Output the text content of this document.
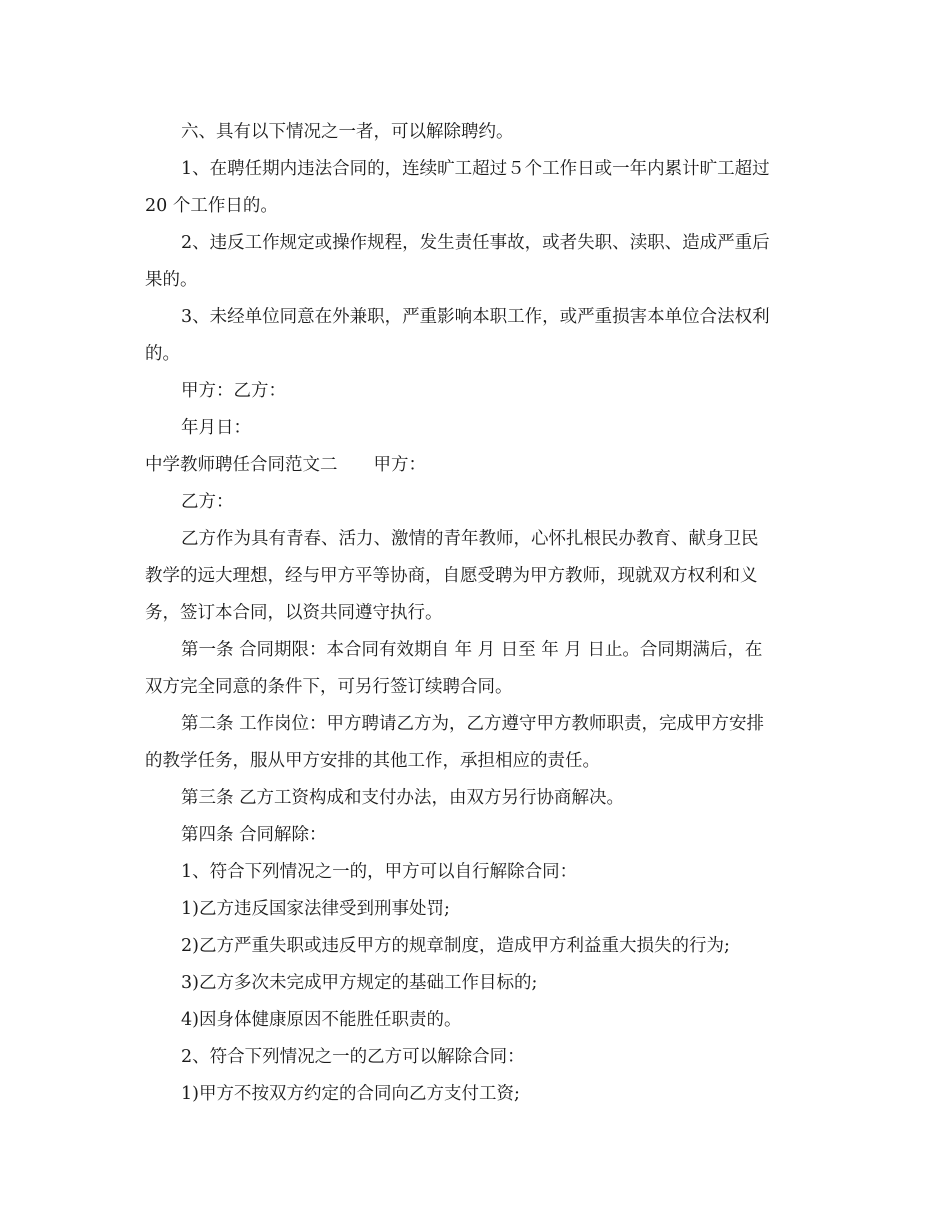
六、具有以下情况之一者，可以解除聘约。
1、在聘任期内违法合同的，连续旷工超过５个工作日或一年内累计旷工超过
20 个工作日的。
2、违反工作规定或操作规程，发生责任事故，或者失职、渎职、造成严重后
果的。
3、未经单位同意在外兼职，严重影响本职工作，或严重损害本单位合法权利
的。
甲方：乙方：
年月日：
中学教师聘任合同范文二 甲方：
乙方：
乙方作为具有青春、活力、激情的青年教师，心怀扎根民办教育、献身卫民
教学的远大理想，经与甲方平等协商，自愿受聘为甲方教师，现就双方权利和义
务，签订本合同，以资共同遵守执行。
第一条 合同期限：本合同有效期自 年 月 日至 年 月 日止。合同期满后，在
双方完全同意的条件下，可另行签订续聘合同。
第二条 工作岗位：甲方聘请乙方为，乙方遵守甲方教师职责，完成甲方安排
的教学任务，服从甲方安排的其他工作，承担相应的责任。
第三条 乙方工资构成和支付办法，由双方另行协商解决。
第四条 合同解除：
1、符合下列情况之一的，甲方可以自行解除合同：
1)乙方违反国家法律受到刑事处罚;
2)乙方严重失职或违反甲方的规章制度，造成甲方利益重大损失的行为;
3)乙方多次未完成甲方规定的基础工作目标的;
4)因身体健康原因不能胜任职责的。
2、符合下列情况之一的乙方可以解除合同：
1)甲方不按双方约定的合同向乙方支付工资;
